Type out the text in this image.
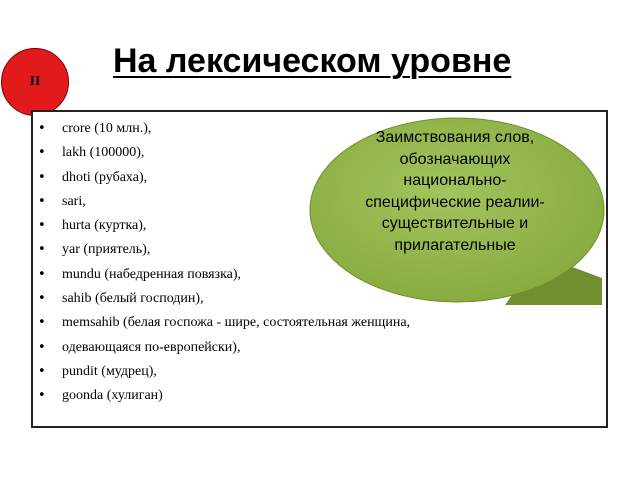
На лексическом уровне
II
• crore (10 млн.),
• lakh (100000),
• dhoti (рубаха),
• sari,
• hurta (куртка),
• yar (приятель),
• mundu (набедренная повязка),
• sahib (белый господин),
• memsahib (белая госпожа - шире, состоятельная женщина,
• одевающаяся по-европейски),
• pundit (мудрец),
• goonda (хулиган)
Заимствования слов, обозначающих национально-специфические реалии-существительные и прилагательные
